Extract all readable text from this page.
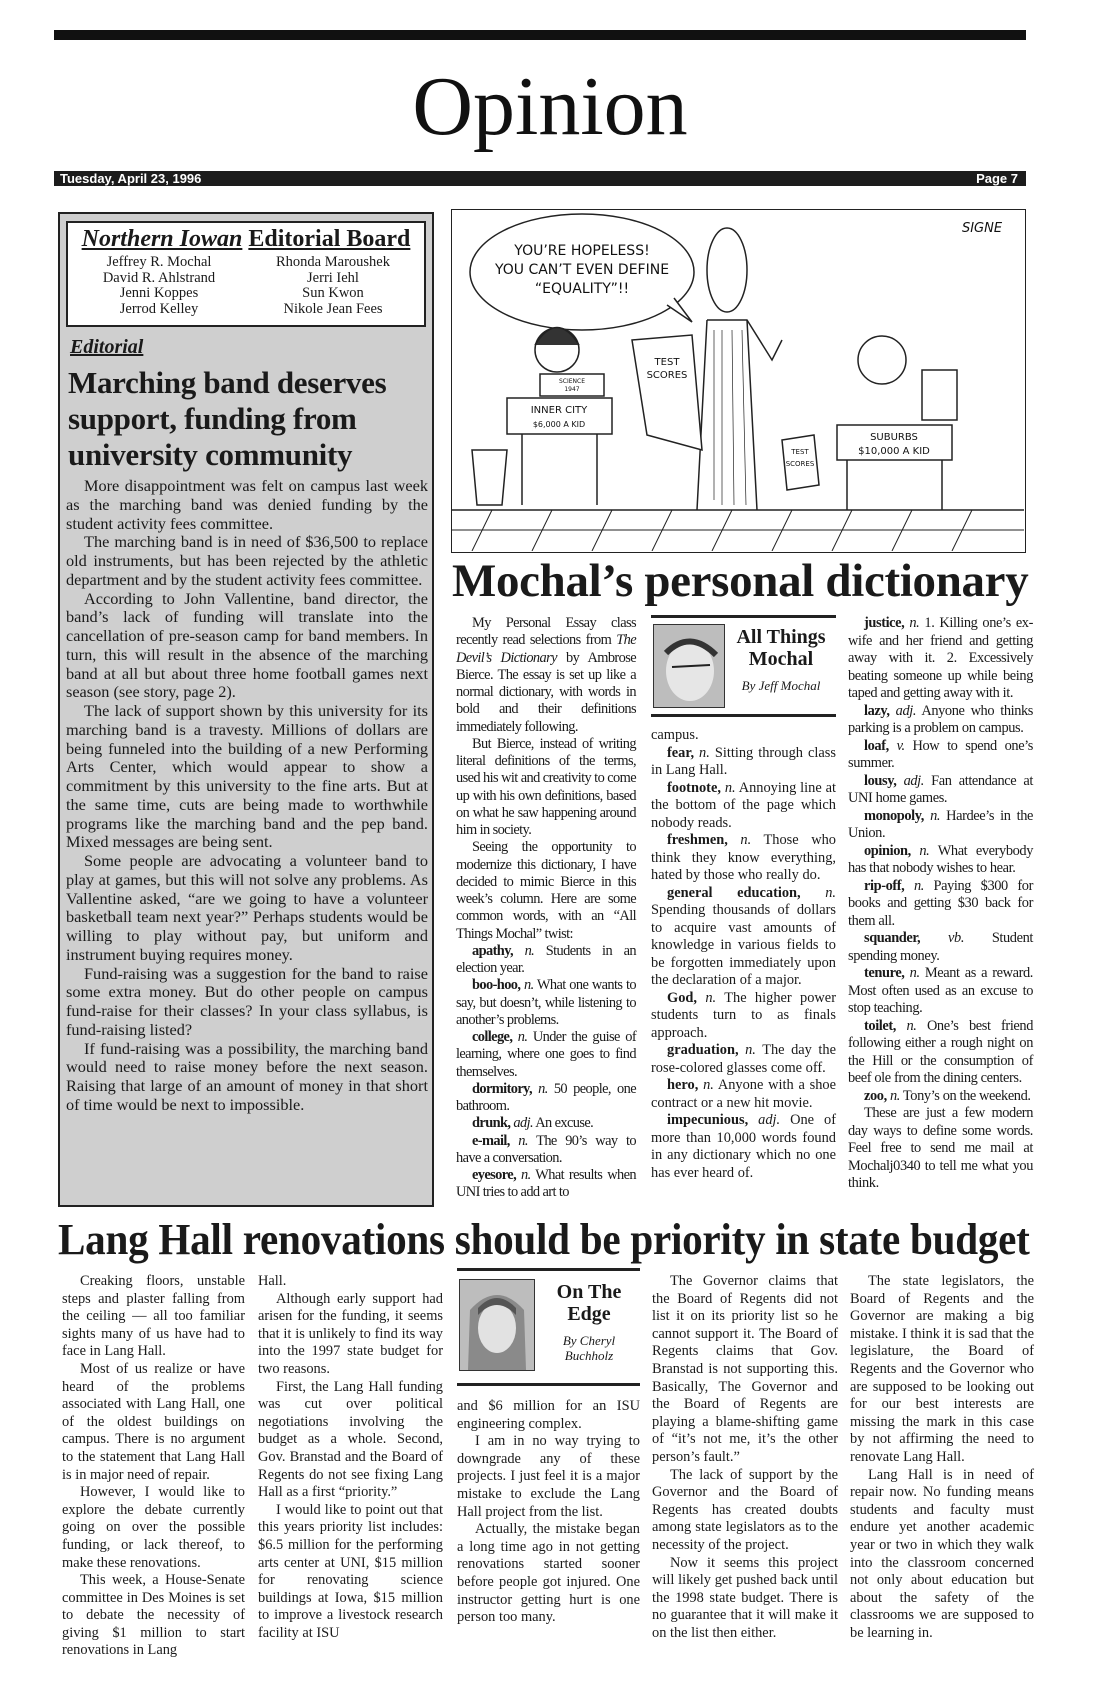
Opinion
Tuesday, April 23, 1996	Page 7
Northern Iowan Editorial Board
Jeffrey R. Mochal
David R. Ahlstrand
Jenni Koppes
Jerrod Kelley
Rhonda Maroushek
Jerri Iehl
Sun Kwon
Nikole Jean Fees
Editorial
Marching band deserves support, funding from university community

More disappointment was felt on campus last week as the marching band was denied funding by the student activity fees committee.

The marching band is in need of $36,500 to replace old instruments, but has been rejected by the athletic department and by the student activity fees committee.

According to John Vallentine, band director, the band’s lack of funding will translate into the cancellation of pre-season camp for band members. In turn, this will result in the absence of the marching band at all but about three home football games next season (see story, page 2).

The lack of support shown by this university for its marching band is a travesty. Millions of dollars are being funneled into the building of a new Performing Arts Center, which would appear to show a commitment by this university to the fine arts. But at the same time, cuts are being made to worthwhile programs like the marching band and the pep band. Mixed messages are being sent.

Some people are advocating a volunteer band to play at games, but this will not solve any problems. As Vallentine asked, “are we going to have a volunteer basketball team next year?” Perhaps students would be willing to play without pay, but uniform and instrument buying requires money.

Fund-raising was a suggestion for the band to raise some extra money. But do other people on campus fund-raise for their classes? In your class syllabus, is fund-raising listed?

If fund-raising was a possibility, the marching band would need to raise money before the next season. Raising that large of an amount of money in that short of time would be next to impossible.

YOU’RE HOPELESS!
YOU CAN’T EVEN DEFINE
“EQUALITY”!!
TEST
SCORES
SCIENCE
1947
INNER CITY
$6,000 A KID
SUBURBS
$10,000 A KID
TEST
SCORES
SIGNE
Mochal’s personal dictionary

My Personal Essay class recently read selections from The Devil’s Dictionary by Ambrose Bierce. The essay is set up like a normal dictionary, with words in bold and their definitions immediately following.

But Bierce, instead of writing literal definitions of the terms, used his wit and creativity to come up with his own definitions, based on what he saw happening around him in society.

Seeing the opportunity to modernize this dictionary, I have decided to mimic Bierce in this week’s column. Here are some common words, with an “All Things Mochal” twist:

apathy, n. Students in an election year.

boo-hoo, n. What one wants to say, but doesn’t, while listening to another’s problems.

college, n. Under the guise of learning, where one goes to find themselves.

dormitory, n. 50 people, one bathroom.

drunk, adj. An excuse.

e-mail, n. The 90’s way to have a conversation.

eyesore, n. What results when UNI tries to add art to

All Things Mochal
By Jeff Mochal

campus.

fear, n. Sitting through class in Lang Hall.

footnote, n. Annoying line at the bottom of the page which nobody reads.

freshmen, n. Those who think they know everything, hated by those who really do.

general education, n. Spending thousands of dollars to acquire vast amounts of knowledge in various fields to be forgotten immediately upon the declaration of a major.

God, n. The higher power students turn to as finals approach.

graduation, n. The day the rose-colored glasses come off.

hero, n. Anyone with a shoe contract or a new hit movie.

impecunious, adj. One of more than 10,000 words found in any dictionary which no one has ever heard of.

justice, n. 1. Killing one’s ex-wife and her friend and getting away with it. 2. Excessively beating someone up while being taped and getting away with it.

lazy, adj. Anyone who thinks parking is a problem on campus.

loaf, v. How to spend one’s summer.

lousy, adj. Fan attendance at UNI home games.

monopoly, n. Hardee’s in the Union.

opinion, n. What everybody has that nobody wishes to hear.

rip-off, n. Paying $300 for books and getting $30 back for them all.

squander, vb. Student spending money.

tenure, n. Meant as a reward. Most often used as an excuse to stop teaching.

toilet, n. One’s best friend following either a rough night on the Hill or the consumption of beef ole from the dining centers.

zoo, n. Tony’s on the weekend.

These are just a few modern day ways to define some words. Feel free to send me mail at Mochalj0340 to tell me what you think.

Lang Hall renovations should be priority in state budget

Creaking floors, unstable steps and plaster falling from the ceiling — all too familiar sights many of us have had to face in Lang Hall.

Most of us realize or have heard of the problems associated with Lang Hall, one of the oldest buildings on campus. There is no argument to the statement that Lang Hall is in major need of repair.

However, I would like to explore the debate currently going on over the possible funding, or lack thereof, to make these renovations.

This week, a House-Senate committee in Des Moines is set to debate the necessity of giving $1 million to start renovations in Lang

Hall.

Although early support had arisen for the funding, it seems that it is unlikely to find its way into the 1997 state budget for two reasons.

First, the Lang Hall funding was cut over political negotiations involving the budget as a whole. Second, Gov. Branstad and the Board of Regents do not see fixing Lang Hall as a first “priority.”

I would like to point out that this years priority list includes: $6.5 million for the performing arts center at UNI, $15 million for renovating science buildings at Iowa, $15 million to improve a livestock research facility at ISU

On The Edge
By Cheryl Buchholz

and $6 million for an ISU engineering complex.

I am in no way trying to downgrade any of these projects. I just feel it is a major mistake to exclude the Lang Hall project from the list.

Actually, the mistake began a long time ago in not getting renovations started sooner before people got injured. One instructor getting hurt is one person too many.

The Governor claims that the Board of Regents did not list it on its priority list so he cannot support it. The Board of Regents claims that Gov. Branstad is not supporting this. Basically, The Governor and the Board of Regents are playing a blame-shifting game of “it’s not me, it’s the other person’s fault.”

The lack of support by the Governor and the Board of Regents has created doubts among state legislators as to the necessity of the project.

Now it seems this project will likely get pushed back until the 1998 state budget. There is no guarantee that it will make it on the list then either.

The state legislators, the Board of Regents and the Governor are making a big mistake. I think it is sad that the legislature, the Board of Regents and the Governor who are supposed to be looking out for our best interests are missing the mark in this case by not affirming the need to renovate Lang Hall.

Lang Hall is in need of repair now. No funding means students and faculty must endure yet another academic year or two in which they walk into the classroom concerned not only about education but about the safety of the classrooms we are supposed to be learning in.
